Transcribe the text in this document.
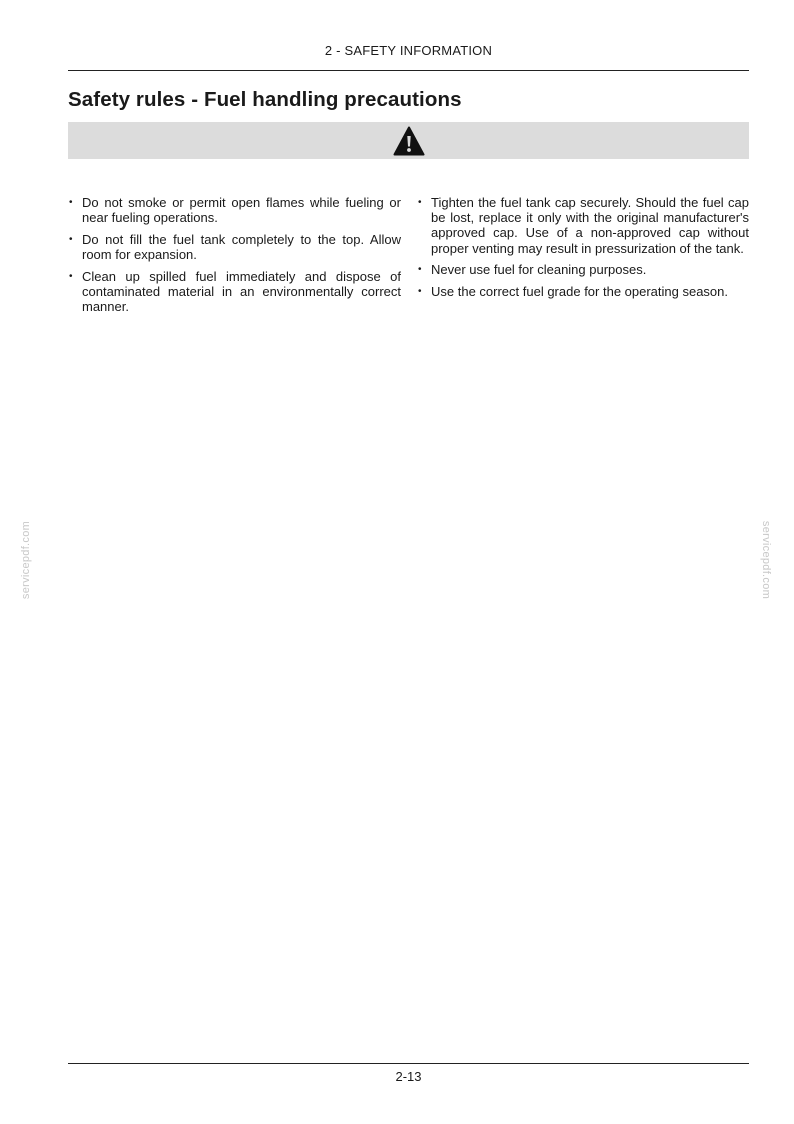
2 - SAFETY INFORMATION
Safety rules - Fuel handling precautions
• Do not smoke or permit open flames while fueling or near fueling operations.
• Do not fill the fuel tank completely to the top. Allow room for expansion.
• Clean up spilled fuel immediately and dispose of contaminated material in an environmentally correct manner.
• Tighten the fuel tank cap securely. Should the fuel cap be lost, replace it only with the original manufacturer's approved cap. Use of a non-approved cap without proper venting may result in pressurization of the tank.
• Never use fuel for cleaning purposes.
• Use the correct fuel grade for the operating season.
servicepdf.com	servicepdf.com
2-13
